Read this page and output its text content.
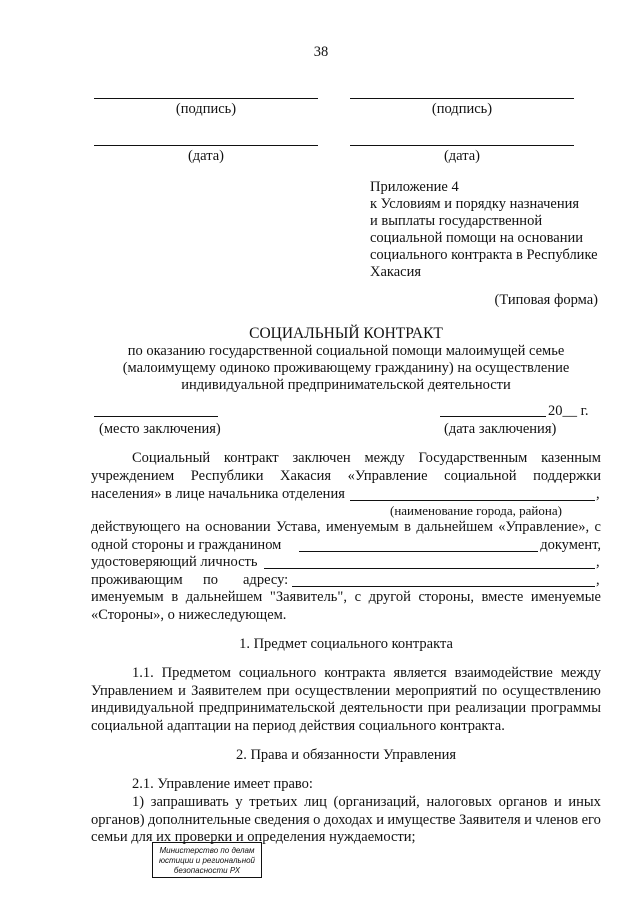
38
(подпись)	(подпись)
(дата)	(дата)
Приложение 4
к Условиям и порядку назначения
и выплаты государственной
социальной помощи на основании
социального контракта в Республике
Хакасия
(Типовая форма)
СОЦИАЛЬНЫЙ КОНТРАКТ
по оказанию государственной социальной помощи малоимущей семье
(малоимущему одиноко проживающему гражданину) на осуществление
индивидуальной предпринимательской деятельности
(место заключения)
20__ г.
(дата заключения)
Социальный контракт заключен между Государственным казенным
учреждением Республики Хакасия «Управление социальной поддержки
населения» в лице начальника отделения	,
(наименование города, района)
действующего на основании Устава, именуемым в дальнейшем «Управление», с
одной стороны и гражданином	документ,
удостоверяющий личность	,
проживающим по адресу:	,
именуемым в дальнейшем "Заявитель", с другой стороны, вместе именуемые
«Стороны», о нижеследующем.
1. Предмет социального контракта
1.1. Предметом социального контракта является взаимодействие между
Управлением и Заявителем при осуществлении мероприятий по осуществлению
индивидуальной предпринимательской деятельности при реализации программы
социальной адаптации на период действия социального контракта.
2. Права и обязанности Управления
2.1. Управление имеет право:
1) запрашивать у третьих лиц (организаций, налоговых органов и иных
органов) дополнительные сведения о доходах и имуществе Заявителя и членов его
семьи для их проверки и определения нуждаемости;
Министерство по делам
юстиции и региональной
безопасности РХ
